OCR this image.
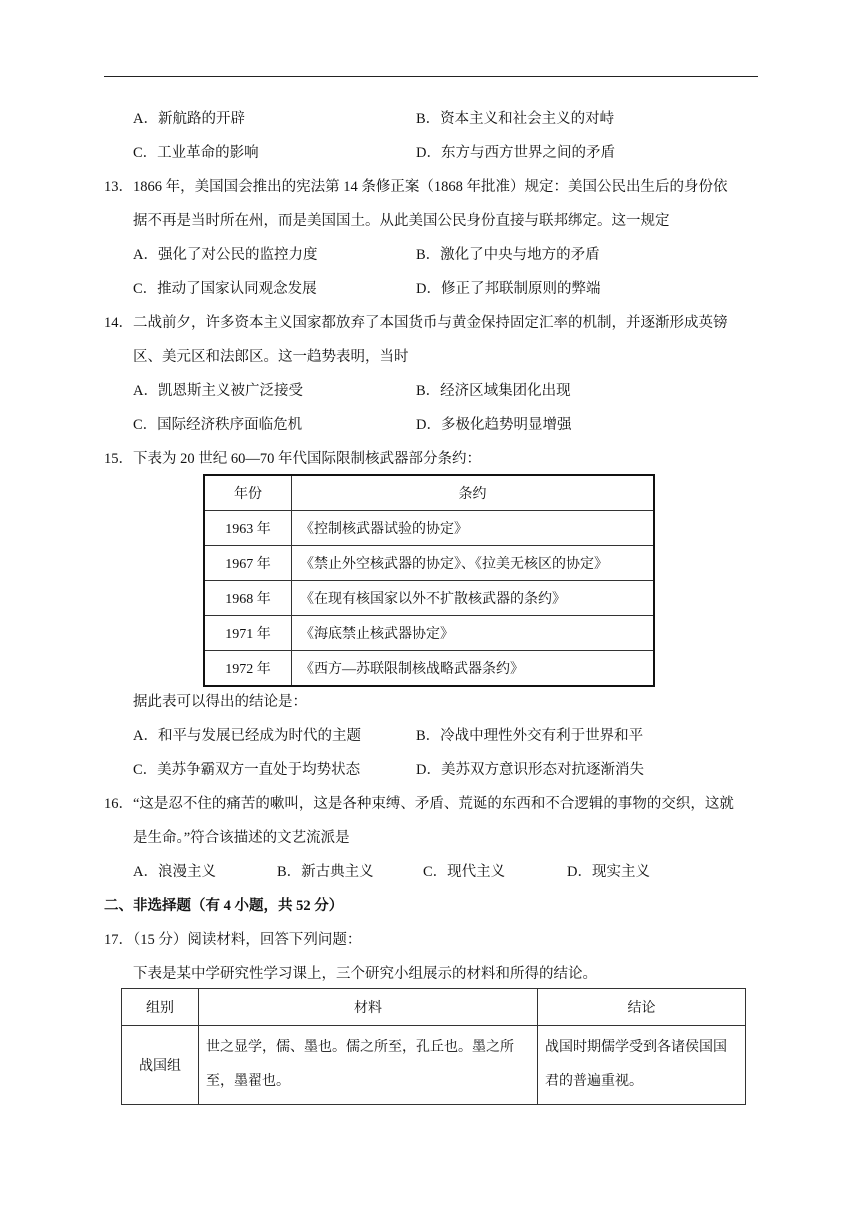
A．新航路的开辟	B．资本主义和社会主义的对峙
C．工业革命的影响	D．东方与西方世界之间的矛盾
13．1866 年，美国国会推出的宪法第 14 条修正案（1868 年批准）规定：美国公民出生后的身份依
据不再是当时所在州，而是美国国土。从此美国公民身份直接与联邦绑定。这一规定
A．强化了对公民的监控力度	B．激化了中央与地方的矛盾
C．推动了国家认同观念发展	D．修正了邦联制原则的弊端
14．二战前夕，许多资本主义国家都放弃了本国货币与黄金保持固定汇率的机制，并逐渐形成英镑
区、美元区和法郎区。这一趋势表明，当时
A．凯恩斯主义被广泛接受	B．经济区域集团化出现
C．国际经济秩序面临危机	D．多极化趋势明显增强
15．下表为 20 世纪 60—70 年代国际限制核武器部分条约：
年份	条约
1963 年	《控制核武器试验的协定》
1967 年	《禁止外空核武器的协定》、《拉美无核区的协定》
1968 年	《在现有核国家以外不扩散核武器的条约》
1971 年	《海底禁止核武器协定》
1972 年	《西方—苏联限制核战略武器条约》
据此表可以得出的结论是：
A．和平与发展已经成为时代的主题	B．冷战中理性外交有利于世界和平
C．美苏争霸双方一直处于均势状态	D．美苏双方意识形态对抗逐渐消失
16．“这是忍不住的痛苦的嗽叫，这是各种束缚、矛盾、荒诞的东西和不合逻辑的事物的交织，这就
是生命。”符合该描述的文艺流派是
A．浪漫主义	B．新古典主义	C．现代主义	D．现实主义
二、非选择题（有 4 小题，共 52 分）
17．（15 分）阅读材料，回答下列问题：
下表是某中学研究性学习课上，三个研究小组展示的材料和所得的结论。
组别	材料	结论
战国组	世之显学，儒、墨也。儒之所至，孔丘也。墨之所至，墨翟也。	战国时期儒学受到各诸侯国国君的普遍重视。
